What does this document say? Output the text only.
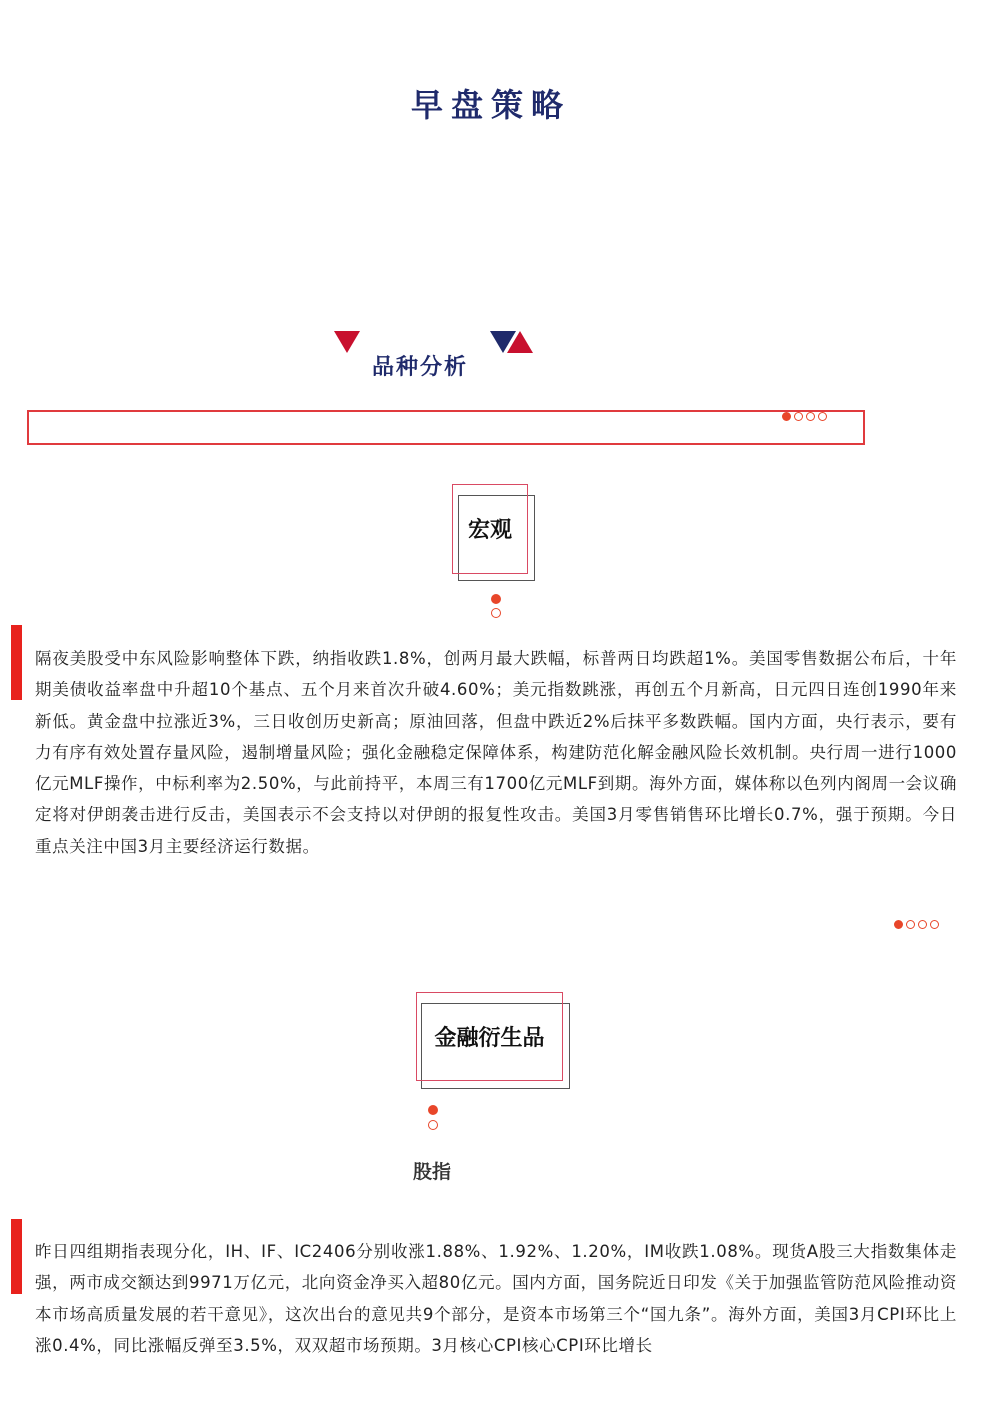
早盘策略
品种分析
宏观
隔夜美股受中东风险影响整体下跌，纳指收跌1.8%，创两月最大跌幅，标普两日均跌超1%。美国零售数据公布后，十年期美债收益率盘中升超10个基点、五个月来首次升破4.60%；美元指数跳涨，再创五个月新高，日元四日连创1990年来新低。黄金盘中拉涨近3%，三日收创历史新高；原油回落，但盘中跌近2%后抹平多数跌幅。国内方面，央行表示，要有力有序有效处置存量风险，遏制增量风险；强化金融稳定保障体系，构建防范化解金融风险长效机制。央行周一进行1000亿元MLF操作，中标利率为2.50%，与此前持平，本周三有1700亿元MLF到期。海外方面，媒体称以色列内阁周一会议确定将对伊朗袭击进行反击，美国表示不会支持以对伊朗的报复性攻击。美国3月零售销售环比增长0.7%，强于预期。今日重点关注中国3月主要经济运行数据。
金融衍生品
股指
昨日四组期指表现分化，IH、IF、IC2406分别收涨1.88%、1.92%、1.20%，IM收跌1.08%。现货A股三大指数集体走强，两市成交额达到9971万亿元，北向资金净买入超80亿元。国内方面，国务院近日印发《关于加强监管防范风险推动资本市场高质量发展的若干意见》，这次出台的意见共9个部分，是资本市场第三个“国九条”。海外方面，美国3月CPI环比上涨0.4%，同比涨幅反弹至3.5%，双双超市场预期。3月核心CPI核心CPI环比增长
